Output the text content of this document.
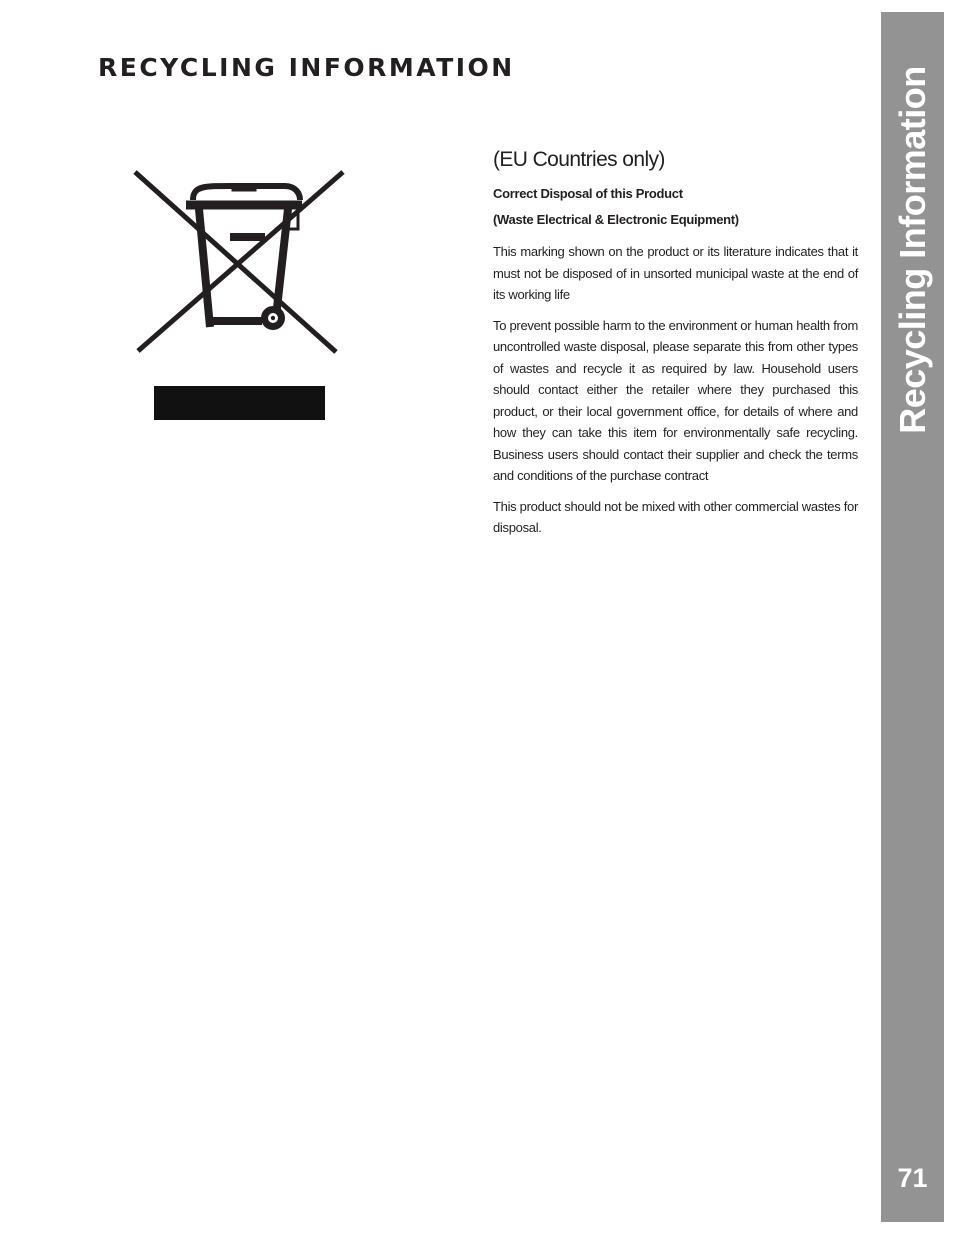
RECYCLING INFORMATION
(EU Countries only)

Correct Disposal of this Product

(Waste Electrical & Electronic Equipment)

This marking shown on the product or its literature indicates that it must not be disposed of in unsorted municipal waste at the end of its working life

To prevent possible harm to the environment or human health from uncontrolled waste disposal, please separate this from other types of wastes and recycle it as required by law. Household users should contact either the retailer where they purchased this product, or their local government office, for details of where and how they can take this item for environmentally safe recycling. Business users should contact their supplier and check the terms and conditions of the purchase contract

This product should not be mixed with other commercial wastes for disposal.

Recycling Information
71
